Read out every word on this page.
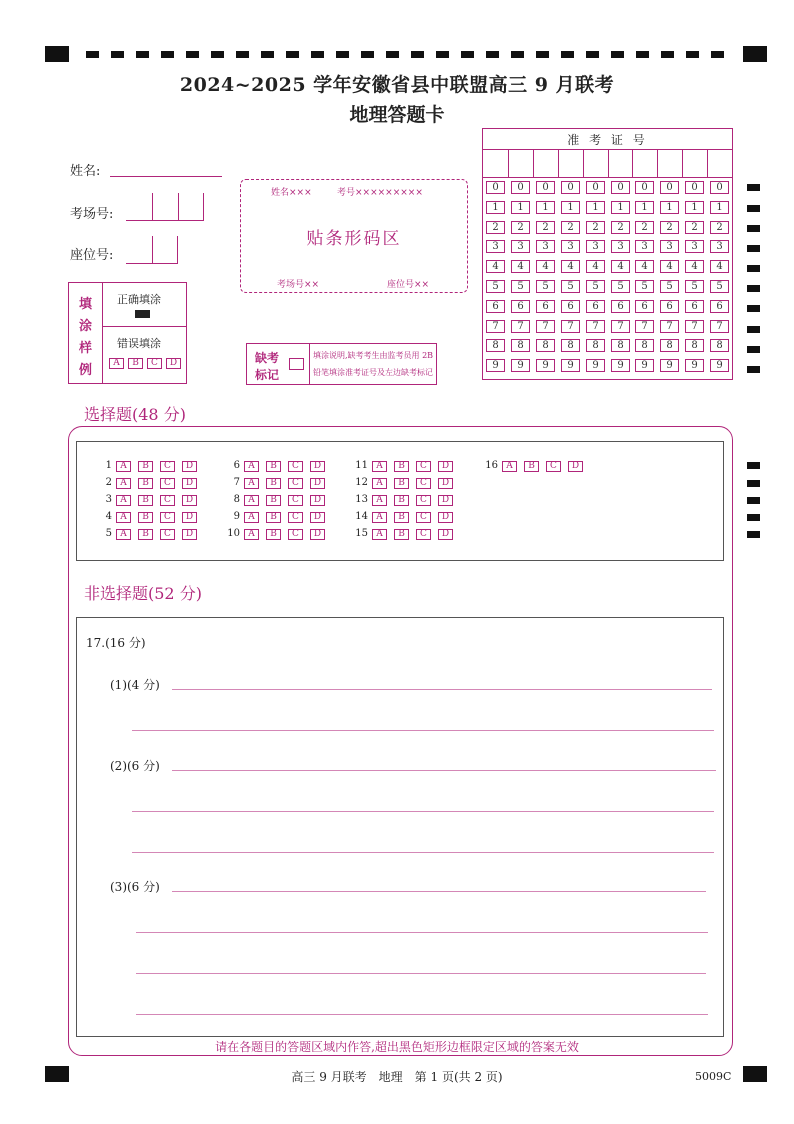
2024~2025 学年安徽省县中联盟高三 9 月联考
地理答题卡
姓名:
考场号:
座位号:
填
涂
样
例
正确填涂
错误填涂
A	B	C	D
姓名×××	考号×××××××××
贴条形码区
考场号××	座位号××
缺考
标记
填涂说明,缺考考生由监考员用 2B
铅笔填涂准考证号及左边缺考标记
准 考 证 号
0	0	0	0	0	0	0	0	0	0
1	1	1	1	1	1	1	1	1	1
2	2	2	2	2	2	2	2	2	2
3	3	3	3	3	3	3	3	3	3
4	4	4	4	4	4	4	4	4	4
5	5	5	5	5	5	5	5	5	5
6	6	6	6	6	6	6	6	6	6
7	7	7	7	7	7	7	7	7	7
8	8	8	8	8	8	8	8	8	8
9	9	9	9	9	9	9	9	9	9
选择题(48 分)
1 A	B	C	D
2 A	B	C	D
3 A	B	C	D
4 A	B	C	D
5 A	B	C	D
6 A	B	C	D
7 A	B	C	D
8 A	B	C	D
9 A	B	C	D
10 A	B	C	D
11 A	B	C	D
12 A	B	C	D
13 A	B	C	D
14 A	B	C	D
15 A	B	C	D
16 A	B	C	D
非选择题(52 分)
17.(16 分)
(1)(4 分)
(2)(6 分)
(3)(6 分)
请在各题目的答题区域内作答,超出黑色矩形边框限定区域的答案无效
高三 9 月联考　地理　第 1 页(共 2 页)	5009C
